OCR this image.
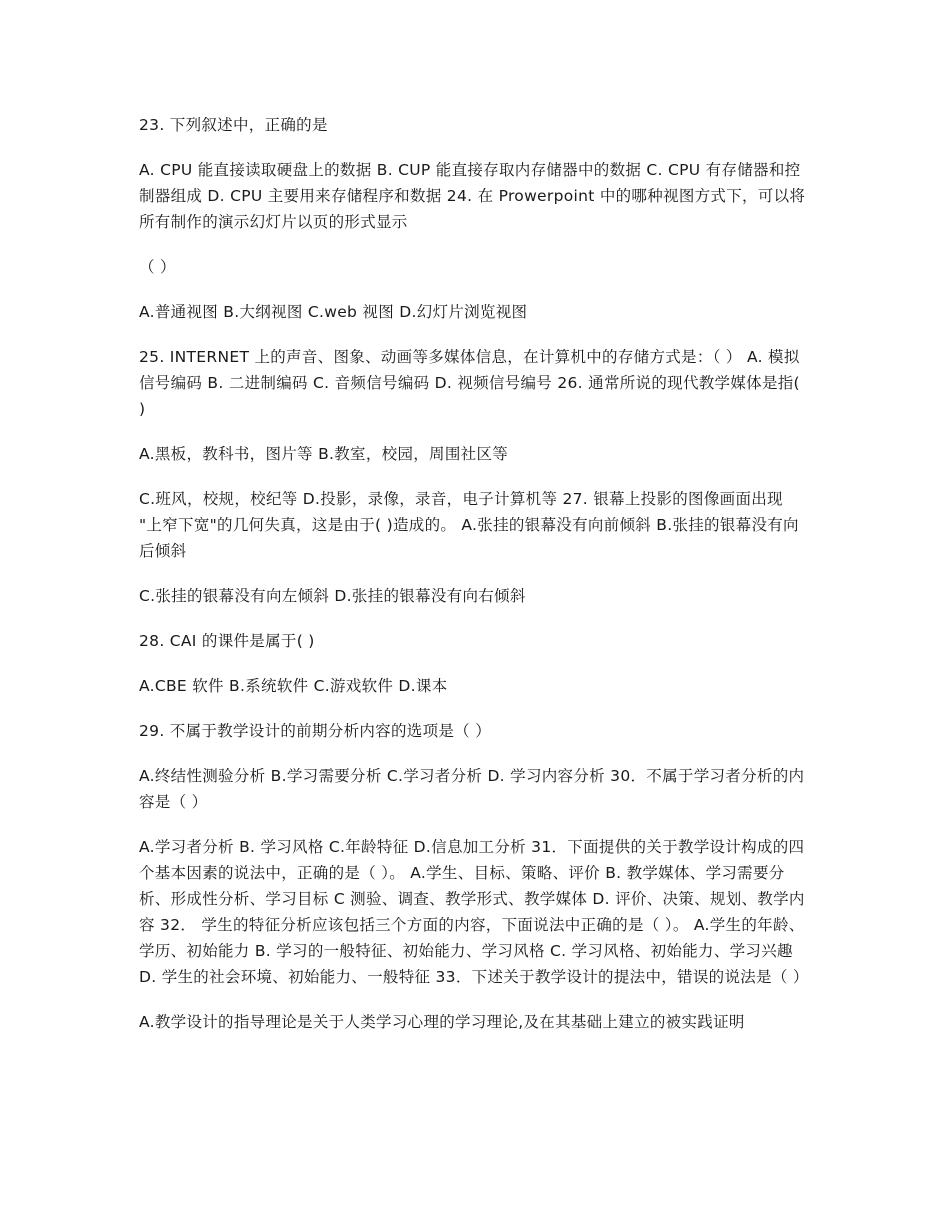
23. 下列叙述中，正确的是

A. CPU 能直接读取硬盘上的数据 B. CUP 能直接存取内存储器中的数据 C. CPU 有存储器和控制器组成 D. CPU 主要用来存储程序和数据 24. 在 Prowerpoint 中的哪种视图方式下，可以将所有制作的演示幻灯片以页的形式显示

（ ）

A.普通视图 B.大纲视图 C.web 视图 D.幻灯片浏览视图

25. INTERNET 上的声音、图象、动画等多媒体信息，在计算机中的存储方式是：（ ） A. 模拟信号编码 B. 二进制编码 C. 音频信号编码 D. 视频信号编号 26. 通常所说的现代教学媒体是指( )

A.黑板，教科书，图片等 B.教室，校园，周围社区等

C.班风，校规，校纪等 D.投影，录像，录音，电子计算机等 27. 银幕上投影的图像画面出现 "上窄下宽"的几何失真，这是由于( )造成的。 A.张挂的银幕没有向前倾斜 B.张挂的银幕没有向后倾斜

C.张挂的银幕没有向左倾斜 D.张挂的银幕没有向右倾斜

28. CAI 的课件是属于( )

A.CBE 软件 B.系统软件 C.游戏软件 D.课本

29. 不属于教学设计的前期分析内容的选项是（ ）

A.终结性测验分析 B.学习需要分析 C.学习者分析 D. 学习内容分析 30．不属于学习者分析的内容是（ ）

A.学习者分析 B. 学习风格 C.年龄特征 D.信息加工分析 31．下面提供的关于教学设计构成的四个基本因素的说法中，正确的是（ ）。 A.学生、目标、策略、评价 B. 教学媒体、学习需要分析、形成性分析、学习目标 C 测验、调查、教学形式、教学媒体 D. 评价、决策、规划、教学内容 32． 学生的特征分析应该包括三个方面的内容，下面说法中正确的是（ ）。 A.学生的年龄、学历、初始能力 B. 学习的一般特征、初始能力、学习风格 C. 学习风格、初始能力、学习兴趣 D. 学生的社会环境、初始能力、一般特征 33．下述关于教学设计的提法中，错误的说法是（ ）

A.教学设计的指导理论是关于人类学习心理的学习理论,及在其基础上建立的被实践证明
